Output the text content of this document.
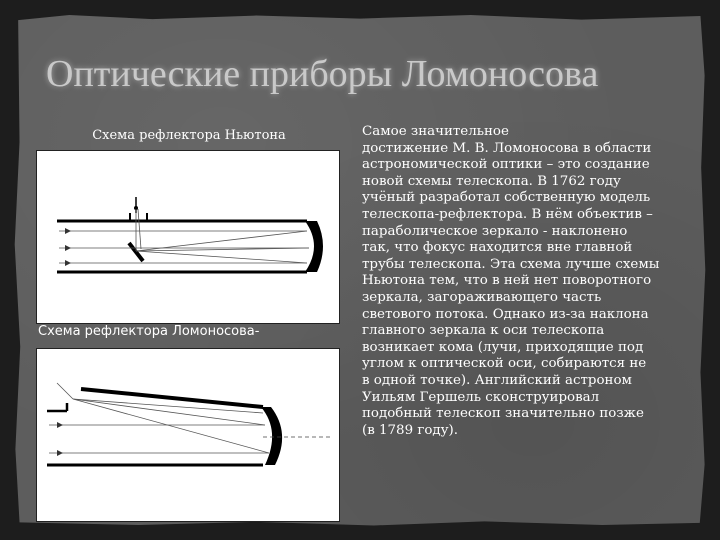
Оптические приборы Ломоносова
Схема рефлектора Ньютона
Схема рефлектора Ломоносова-

Самое значительное
достижение М. В. Ломоносова в области
астрономической оптики – это создание
новой схемы телескопа. В 1762 году
учёный разработал собственную модель
телескопа-рефлектора. В нём объектив –
параболическое зеркало - наклонено
так, что фокус находится вне главной
трубы телескопа. Эта схема лучше схемы
Ньютона тем, что в ней нет поворотного
зеркала, загораживающего часть
светового потока. Однако из-за наклона
главного зеркала к оси телескопа
возникает кома (лучи, приходящие под
углом к оптической оси, собираются не
в одной точке). Английский астроном
Уильям Гершель сконструировал
подобный телескоп значительно позже
(в 1789 году).
